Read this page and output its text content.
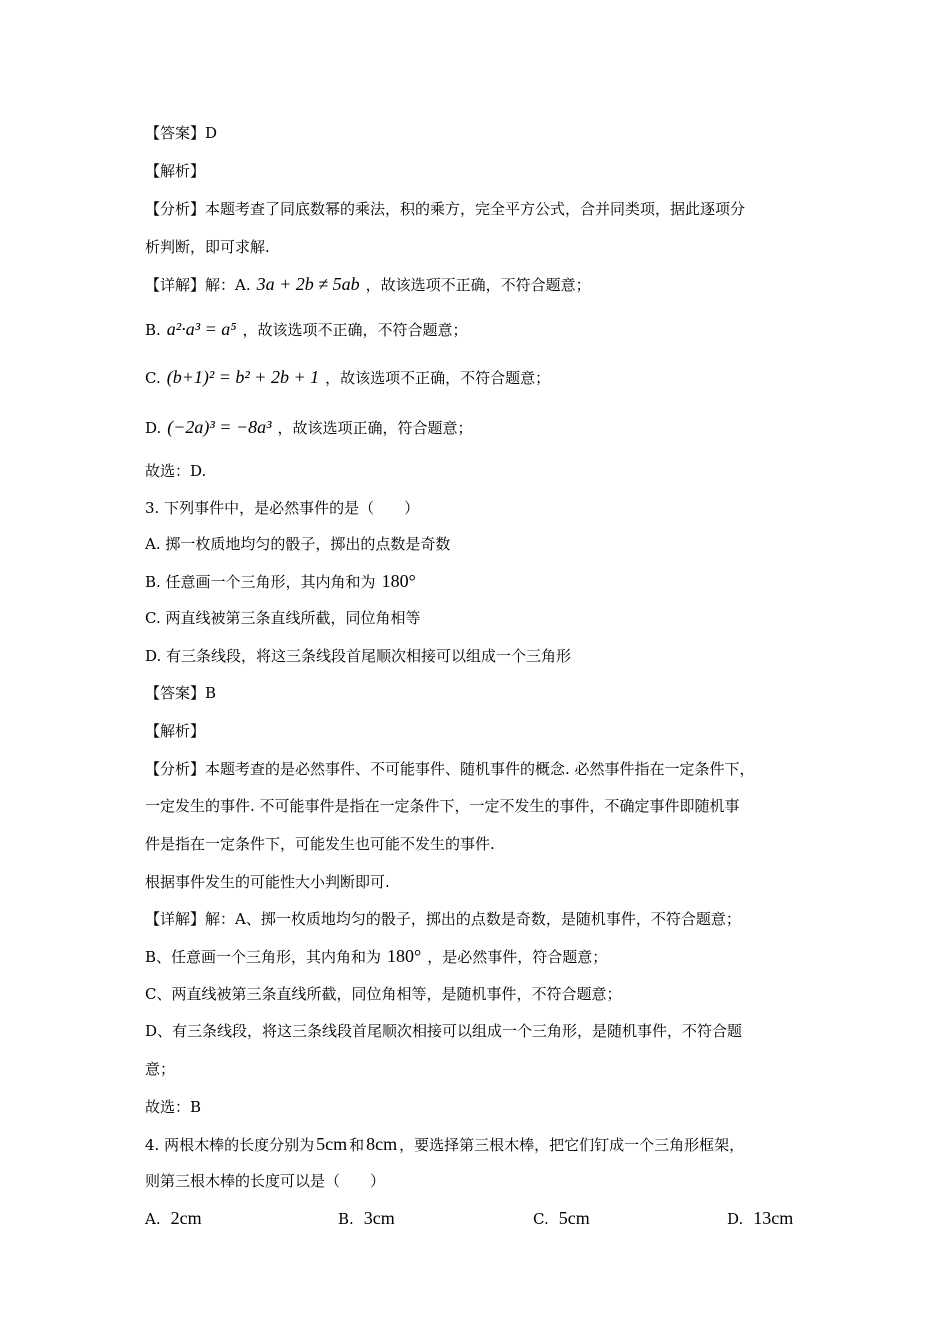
【答案】D
【解析】
【分析】本题考查了同底数幂的乘法，积的乘方，完全平方公式，合并同类项，据此逐项分
析判断，即可求解.
【详解】解：A. 3a + 2b ≠ 5ab ，故该选项不正确，不符合题意；
B. a²·a³ = a⁵ ，故该选项不正确，不符合题意；
C. (b+1)² = b² + 2b + 1 ，故该选项不正确，不符合题意；
D. (−2a)³ = −8a³ ，故该选项正确，符合题意；
故选：D.
3. 下列事件中，是必然事件的是（　　）
A. 掷一枚质地均匀的骰子，掷出的点数是奇数
B. 任意画一个三角形，其内角和为 180°
C. 两直线被第三条直线所截，同位角相等
D. 有三条线段，将这三条线段首尾顺次相接可以组成一个三角形
【答案】B
【解析】
【分析】本题考查的是必然事件、不可能事件、随机事件的概念. 必然事件指在一定条件下，
一定发生的事件. 不可能事件是指在一定条件下，一定不发生的事件，不确定事件即随机事
件是指在一定条件下，可能发生也可能不发生的事件.
根据事件发生的可能性大小判断即可.
【详解】解：A、掷一枚质地均匀的骰子，掷出的点数是奇数，是随机事件，不符合题意；
B、任意画一个三角形，其内角和为 180° ，是必然事件，符合题意；
C、两直线被第三条直线所截，同位角相等，是随机事件，不符合题意；
D、有三条线段，将这三条线段首尾顺次相接可以组成一个三角形，是随机事件，不符合题
意；
故选：B
4. 两根木棒的长度分别为 5cm 和 8cm ，要选择第三根木棒，把它们钉成一个三角形框架，
则第三根木棒的长度可以是（　　）
A. 2cm	B. 3cm	C. 5cm	D. 13cm
